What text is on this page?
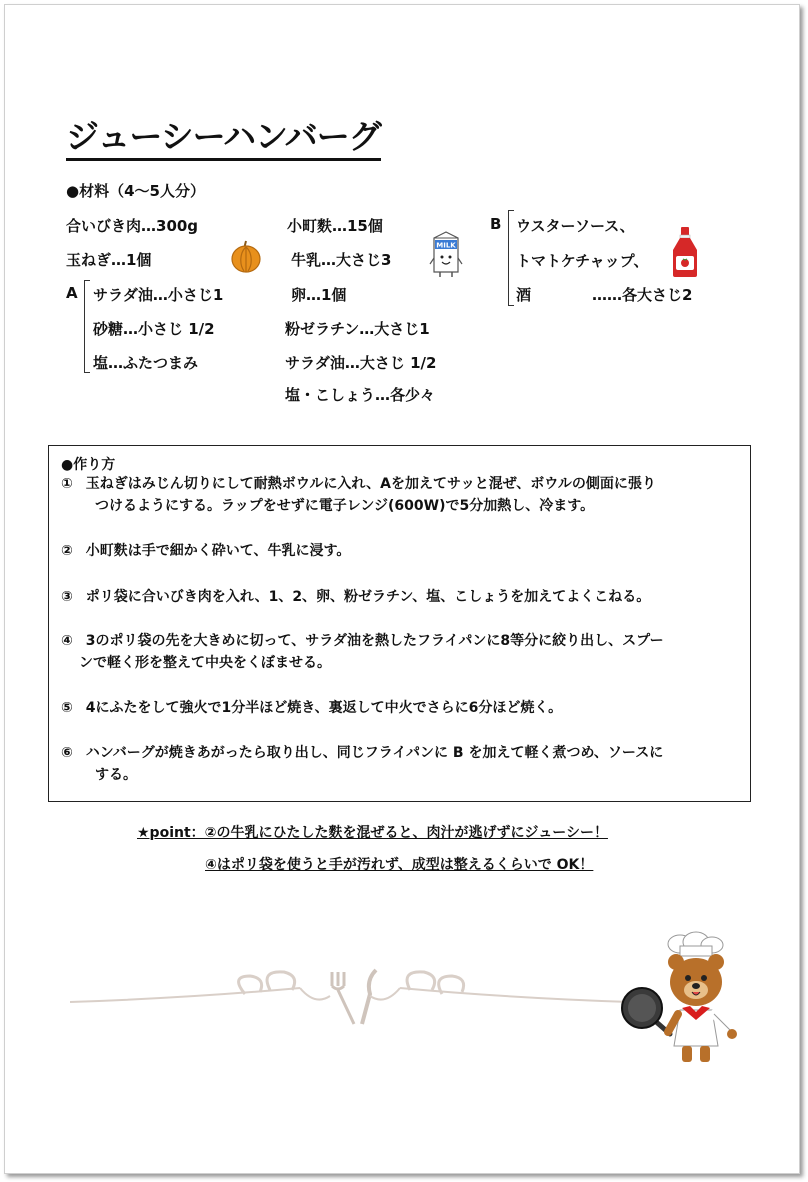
ジューシーハンバーグ
●材料（4～5人分）
合いびき肉…300g
玉ねぎ…1個
A サラダ油…小さじ1
砂糖…小さじ 1/2
塩…ふたつまみ
小町麩…15個
牛乳…大さじ3
MILK
卵…1個
粉ゼラチン…大さじ1
サラダ油…大さじ 1/2
塩・こしょう…各少々
B ウスターソース、
トマトケチャップ、
酒	……各大さじ2
●作り方
① 玉ねぎはみじん切りにして耐熱ボウルに入れ、Aを加えてサッと混ぜ、ボウルの側面に張り
つけるようにする。ラップをせずに電子レンジ(600W)で5分加熱し、冷ます。
② 小町麩は手で細かく砕いて、牛乳に浸す。
③ ポリ袋に合いびき肉を入れ、1、2、卵、粉ゼラチン、塩、こしょうを加えてよくこねる。
④ 3のポリ袋の先を大きめに切って、サラダ油を熱したフライパンに8等分に絞り出し、スプー
ンで軽く形を整えて中央をくぼませる。
⑤ 4にふたをして強火で1分半ほど焼き、裏返して中火でさらに6分ほど焼く。
⑥ ハンバーグが焼きあがったら取り出し、同じフライパンに B を加えて軽く煮つめ、ソースに
する。
★point：②の牛乳にひたした麩を混ぜると、肉汁が逃げずにジューシー！
④はポリ袋を使うと手が汚れず、成型は整えるくらいで OK！
